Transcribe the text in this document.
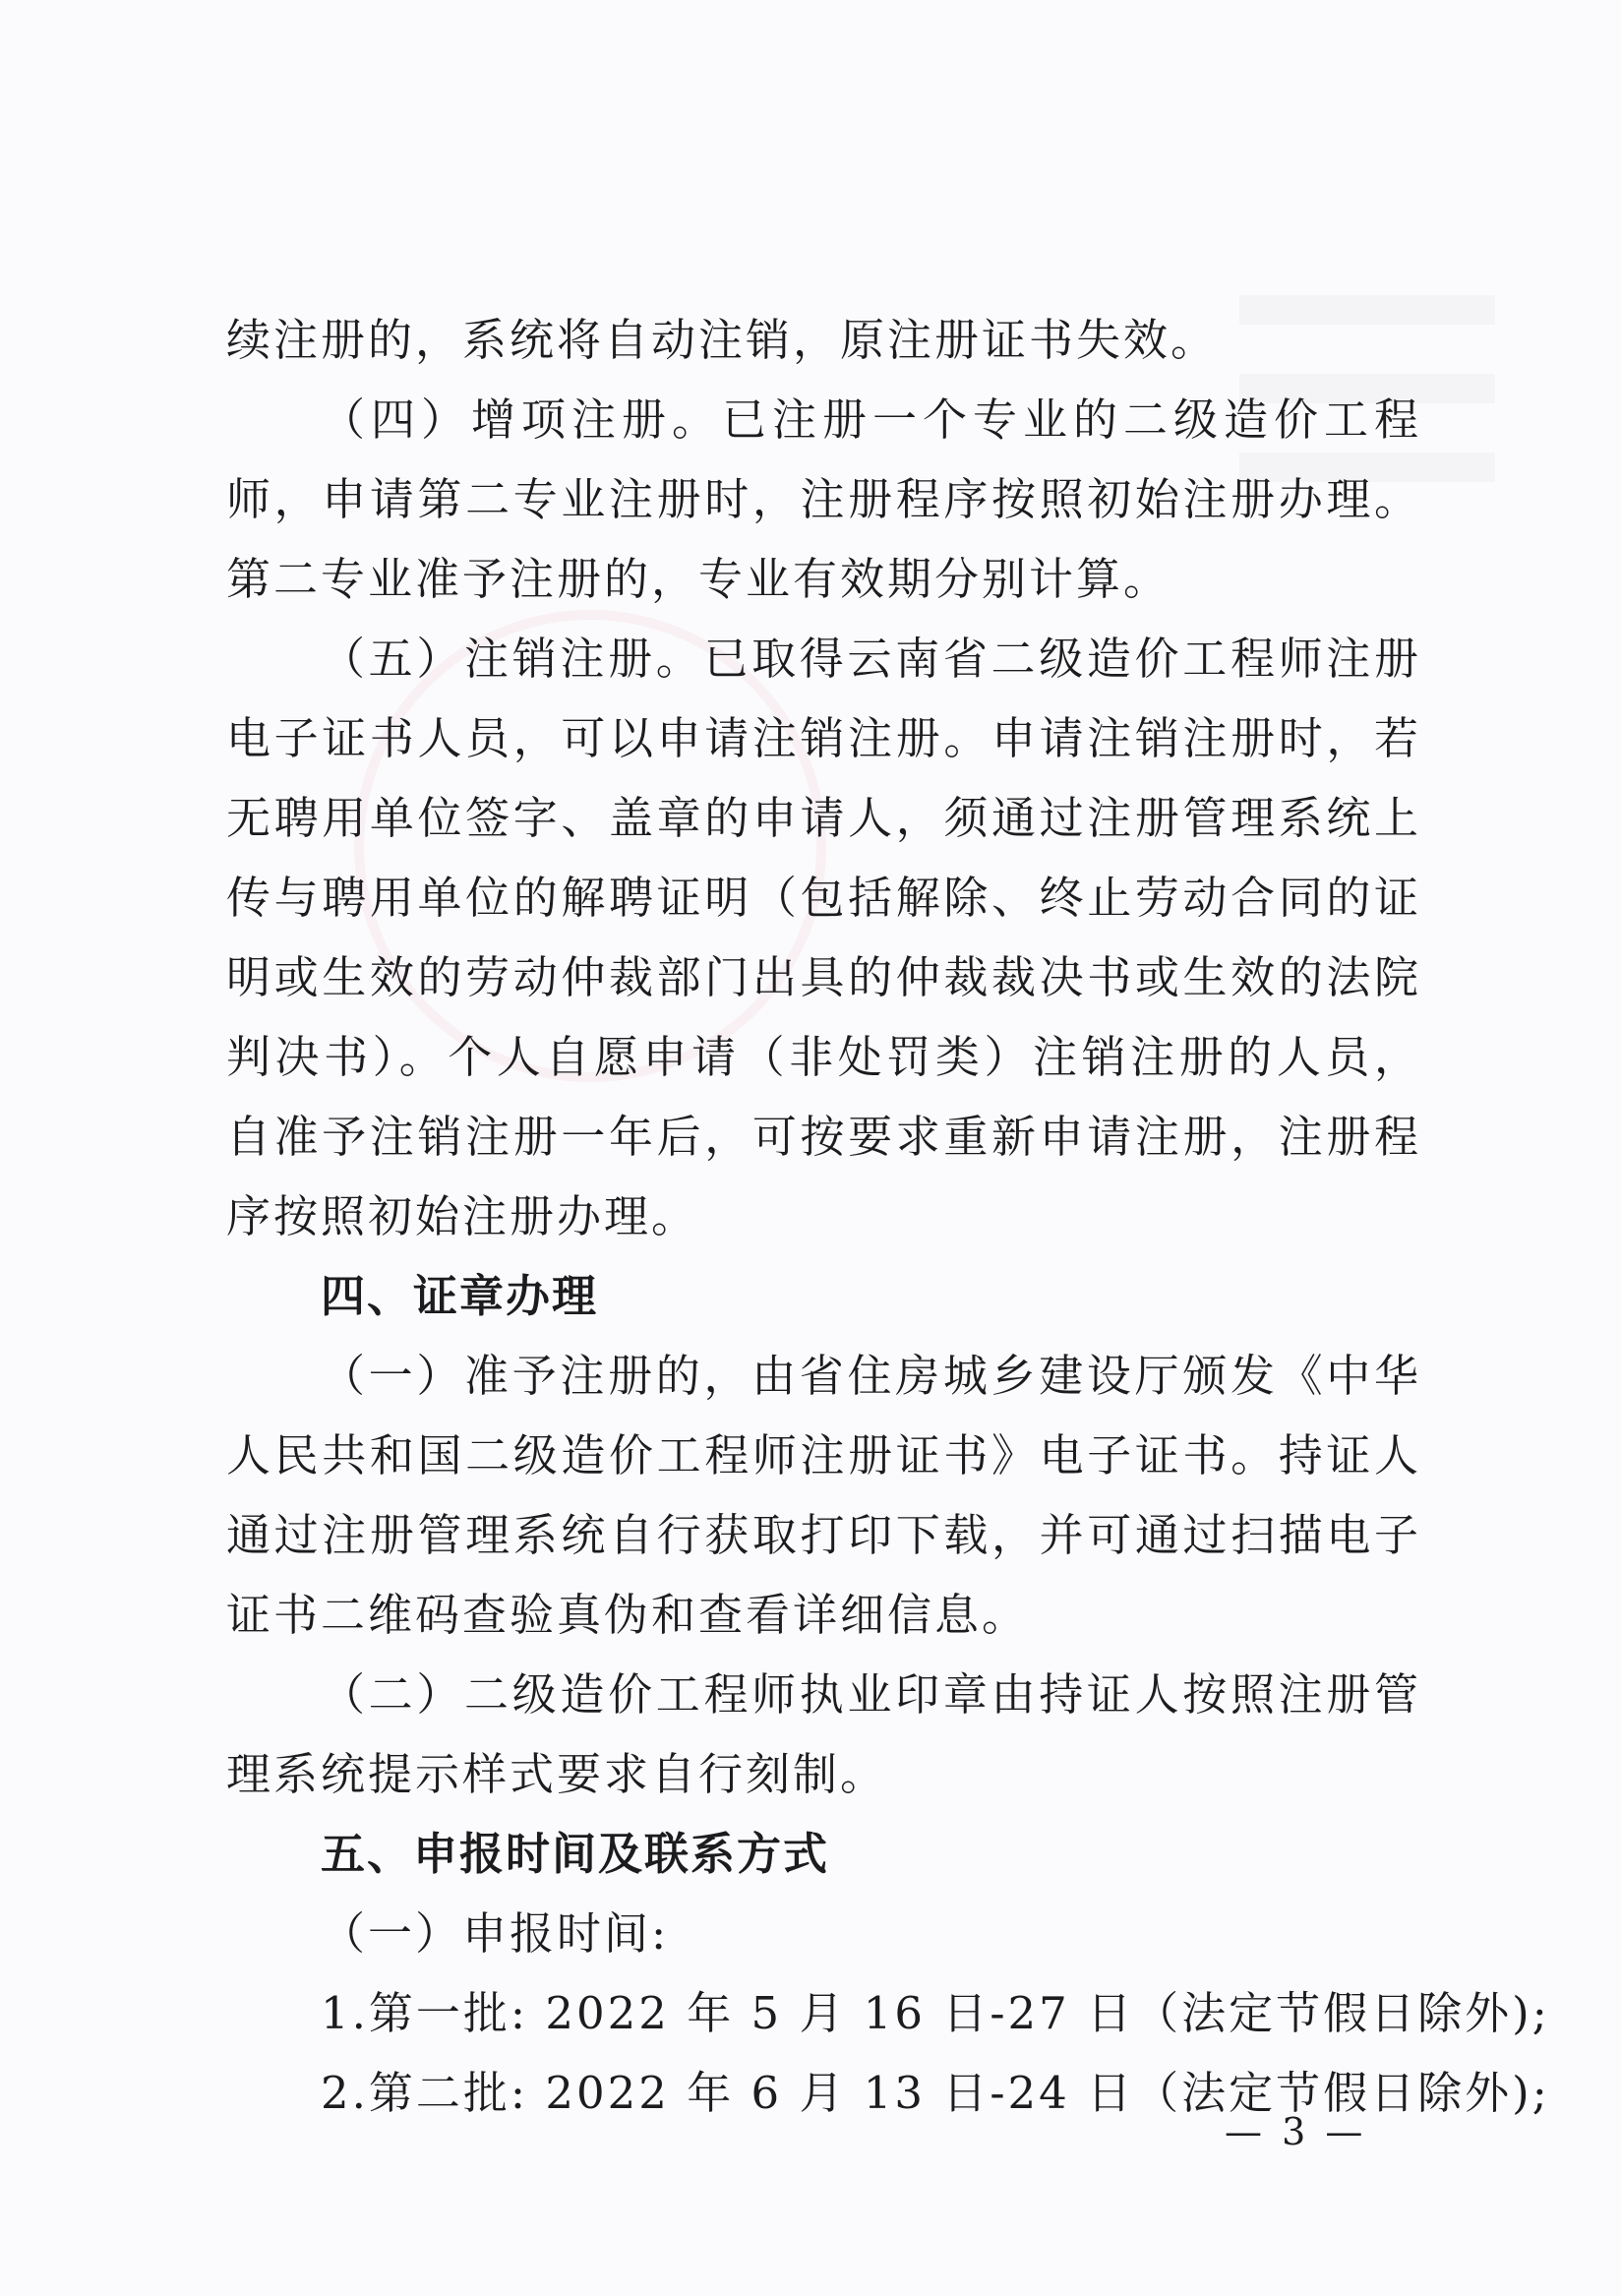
续注册的，系统将自动注销，原注册证书失效。

（四）增项注册。已注册一个专业的二级造价工程师，申请第二专业注册时，注册程序按照初始注册办理。第二专业准予注册的，专业有效期分别计算。

（五）注销注册。已取得云南省二级造价工程师注册电子证书人员，可以申请注销注册。申请注销注册时，若无聘用单位签字、盖章的申请人，须通过注册管理系统上传与聘用单位的解聘证明（包括解除、终止劳动合同的证明或生效的劳动仲裁部门出具的仲裁裁决书或生效的法院判决书）。个人自愿申请（非处罚类）注销注册的人员，自准予注销注册一年后，可按要求重新申请注册，注册程序按照初始注册办理。

四、证章办理

（一）准予注册的，由省住房城乡建设厅颁发《中华人民共和国二级造价工程师注册证书》电子证书。持证人通过注册管理系统自行获取打印下载，并可通过扫描电子证书二维码查验真伪和查看详细信息。

（二）二级造价工程师执业印章由持证人按照注册管理系统提示样式要求自行刻制。

五、申报时间及联系方式

（一）申报时间:

1.第一批: 2022 年 5 月 16 日-27 日（法定节假日除外);

2.第二批: 2022 年 6 月 13 日-24 日（法定节假日除外);

— 3 —
